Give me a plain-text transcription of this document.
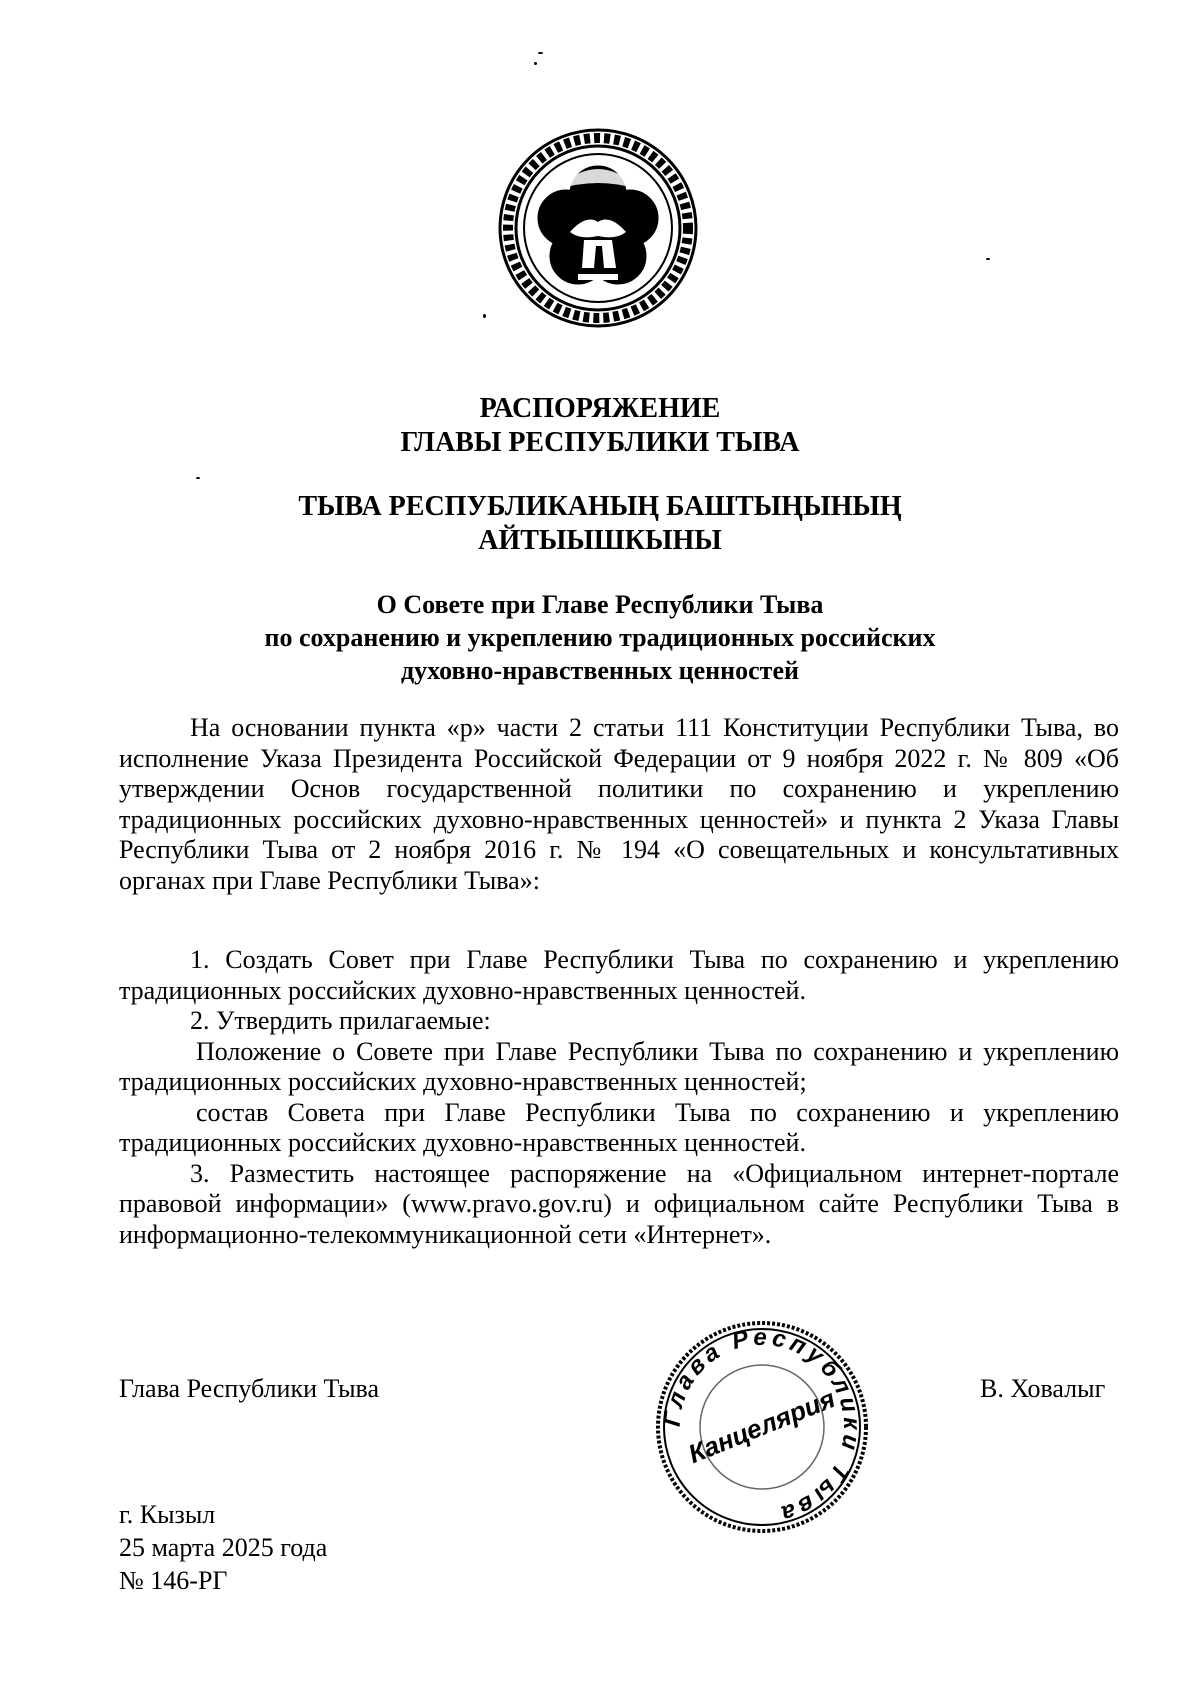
РАСПОРЯЖЕНИЕ
ГЛАВЫ РЕСПУБЛИКИ ТЫВА
ТЫВА РЕСПУБЛИКАНЫҢ БАШТЫҢЫНЫҢ
АЙТЫЫШКЫНЫ
О Совете при Главе Республики Тыва
по сохранению и укреплению традиционных российских
духовно-нравственных ценностей

На основании пункта «р» части 2 статьи 111 Конституции Республики Тыва, во исполнение Указа Президента Российской Федерации от 9 ноября 2022 г. № 809 «Об утверждении Основ государственной политики по сохранению и укреплению традиционных российских духовно-нравственных ценностей» и пункта 2 Указа Главы Республики Тыва от 2 ноября 2016 г. № 194 «О совещательных и консультативных органах при Главе Республики Тыва»:

1. Создать Совет при Главе Республики Тыва по сохранению и укреплению традиционных российских духовно-нравственных ценностей.

2. Утвердить прилагаемые:

Положение о Совете при Главе Республики Тыва по сохранению и укреплению традиционных российских духовно-нравственных ценностей;

состав Совета при Главе Республики Тыва по сохранению и укреплению традиционных российских духовно-нравственных ценностей.

3. Разместить настоящее распоряжение на «Официальном интернет-портале правовой информации» (www.pravo.gov.ru) и официальном сайте Республики Тыва в информационно-телекоммуникационной сети «Интернет».

Глава Республики Тыва	В. Ховалыг
Глава Республики Тыва
Канцелярия
г. Кызыл
25 марта 2025 года
№ 146-РГ
